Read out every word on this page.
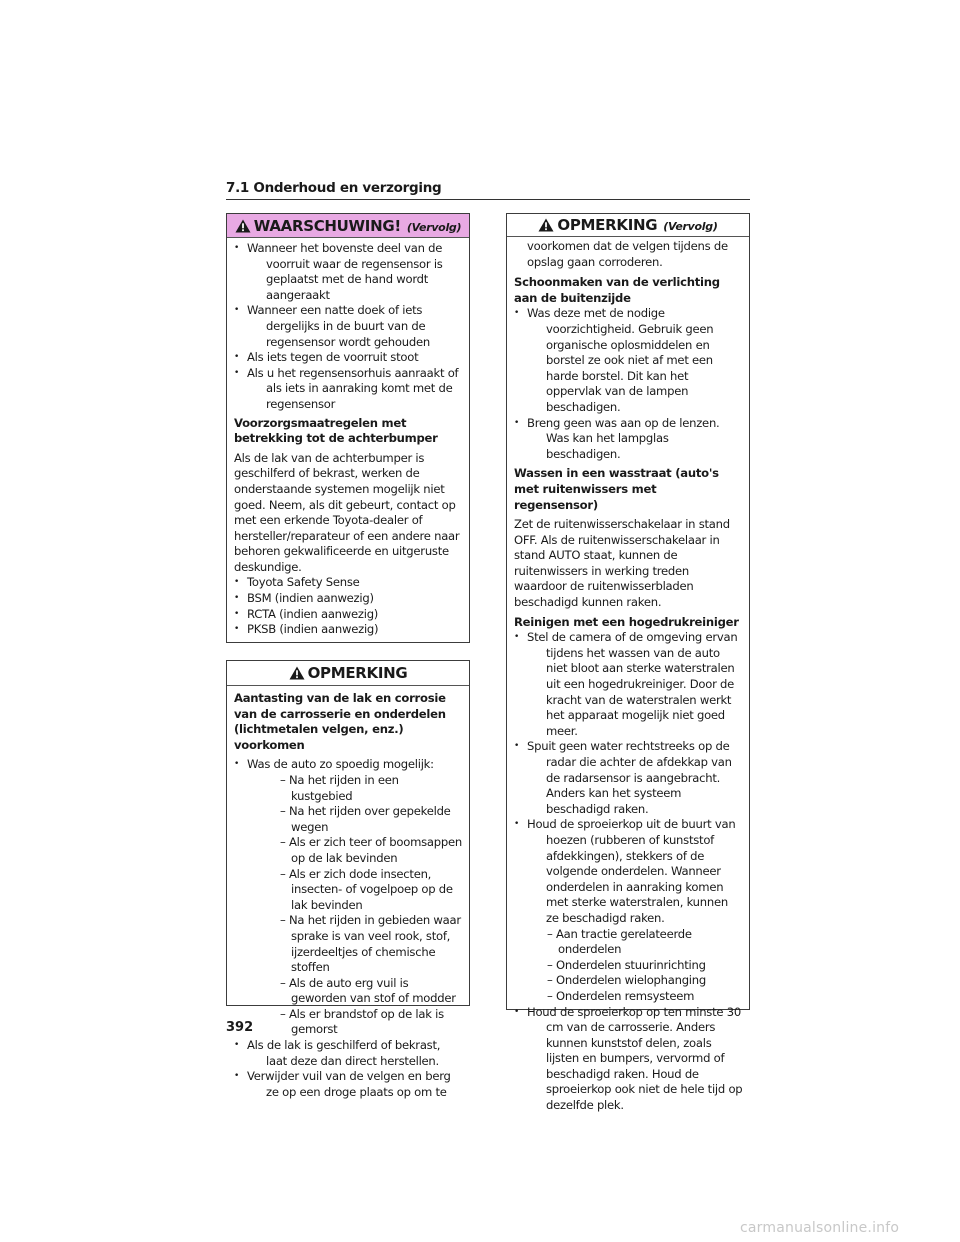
7.1 Onderhoud en verzorging
WAARSCHUWING! (Vervolg)
• Wanneer het bovenste deel van de voorruit waar de regensensor is geplaatst met de hand wordt aangeraakt
• Wanneer een natte doek of iets dergelijks in de buurt van de regensensor wordt gehouden
• Als iets tegen de voorruit stoot
• Als u het regensensorhuis aanraakt of als iets in aanraking komt met de regensensor

Voorzorgsmaatregelen met betrekking tot de achterbumper

Als de lak van de achterbumper is geschilferd of bekrast, werken de onderstaande systemen mogelijk niet goed. Neem, als dit gebeurt, contact op met een erkende Toyota-dealer of hersteller/reparateur of een andere naar behoren gekwalificeerde en uitgeruste deskundige.

• Toyota Safety Sense
• BSM (indien aanwezig)
• RCTA (indien aanwezig)
• PKSB (indien aanwezig)
OPMERKING

Aantasting van de lak en corrosie van de carrosserie en onderdelen (lichtmetalen velgen, enz.) voorkomen

• Was de auto zo spoedig mogelijk:
– Na het rijden in een kustgebied
– Na het rijden over gepekelde wegen
– Als er zich teer of boomsappen op de lak bevinden
– Als er zich dode insecten, insecten- of vogelpoep op de lak bevinden
– Na het rijden in gebieden waar sprake is van veel rook, stof, ijzerdeeltjes of chemische stoffen
– Als de auto erg vuil is geworden van stof of modder
– Als er brandstof op de lak is gemorst
• Als de lak is geschilferd of bekrast, laat deze dan direct herstellen.
• Verwijder vuil van de velgen en berg ze op een droge plaats op om te
OPMERKING (Vervolg)

voorkomen dat de velgen tijdens de opslag gaan corroderen.

Schoonmaken van de verlichting aan de buitenzijde

• Was deze met de nodige voorzichtigheid. Gebruik geen organische oplosmiddelen en borstel ze ook niet af met een harde borstel. Dit kan het oppervlak van de lampen beschadigen.
• Breng geen was aan op de lenzen. Was kan het lampglas beschadigen.

Wassen in een wasstraat (auto's met ruitenwissers met regensensor)

Zet de ruitenwisserschakelaar in stand OFF. Als de ruitenwisserschakelaar in stand AUTO staat, kunnen de ruitenwissers in werking treden waardoor de ruitenwisserbladen beschadigd kunnen raken.

Reinigen met een hogedrukreiniger

• Stel de camera of de omgeving ervan tijdens het wassen van de auto niet bloot aan sterke waterstralen uit een hogedrukreiniger. Door de kracht van de waterstralen werkt het apparaat mogelijk niet goed meer.
• Spuit geen water rechtstreeks op de radar die achter de afdekkap van de radarsensor is aangebracht. Anders kan het systeem beschadigd raken.
• Houd de sproeierkop uit de buurt van hoezen (rubberen of kunststof afdekkingen), stekkers of de volgende onderdelen. Wanneer onderdelen in aanraking komen met sterke waterstralen, kunnen ze beschadigd raken.
– Aan tractie gerelateerde onderdelen
– Onderdelen stuurinrichting
– Onderdelen wielophanging
– Onderdelen remsysteem
• Houd de sproeierkop op ten minste 30 cm van de carrosserie. Anders kunnen kunststof delen, zoals lijsten en bumpers, vervormd of beschadigd raken. Houd de sproeierkop ook niet de hele tijd op dezelfde plek.
392
carmanualsonline.info
